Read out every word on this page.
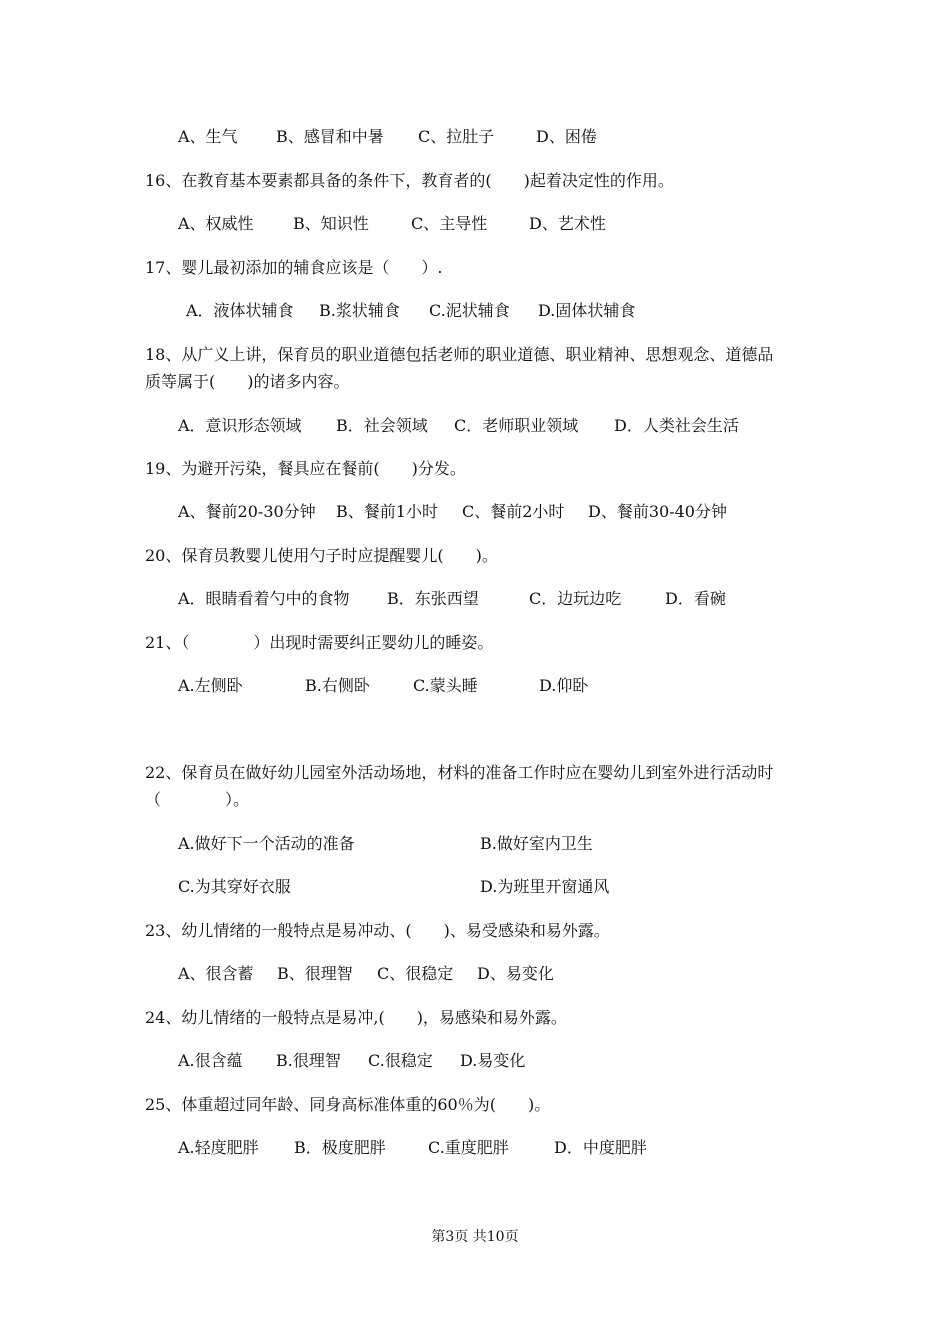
A、生气	B、感冒和中暑	C、拉肚子	D、困倦
16、在教育基本要素都具备的条件下，教育者的(　　)起着决定性的作用。
A、权威性	B、知识性	C、主导性	D、艺术性
17、婴儿最初添加的辅食应该是（　　）.
A．液体状辅食	B.浆状辅食	C.泥状辅食	D.固体状辅食
18、从广义上讲，保育员的职业道德包括老师的职业道德、职业精神、思想观念、道德品
质等属于(　　)的诸多内容。
A．意识形态领域	B．社会领域	C．老师职业领域	D．人类社会生活
19、为避开污染，餐具应在餐前(　　)分发。
A、餐前20-30分钟	B、餐前1小时	C、餐前2小时	D、餐前30-40分钟
20、保育员教婴儿使用勺子时应提醒婴儿(　　)。
A．眼睛看着勺中的食物	B．东张西望	C．边玩边吃	D．看碗
21、（　　　　）出现时需要纠正婴幼儿的睡姿。
A.左侧卧	B.右侧卧	C.蒙头睡	D.仰卧
22、保育员在做好幼儿园室外活动场地，材料的准备工作时应在婴幼儿到室外进行活动时
（　　　　）。
A.做好下一个活动的准备	B.做好室内卫生
C.为其穿好衣服	D.为班里开窗通风
23、幼儿情绪的一般特点是易冲动、(　　)、易受感染和易外露。
A、很含蓄	B、很理智	C、很稳定	D、易变化
24、幼儿情绪的一般特点是易冲,(　　)，易感染和易外露。
A.很含蕴	B.很理智	C.很稳定	D.易变化
25、体重超过同年龄、同身高标准体重的60％为(　　)。
A.轻度肥胖	B．极度肥胖	C.重度肥胖	D．中度肥胖
第3页 共10页
